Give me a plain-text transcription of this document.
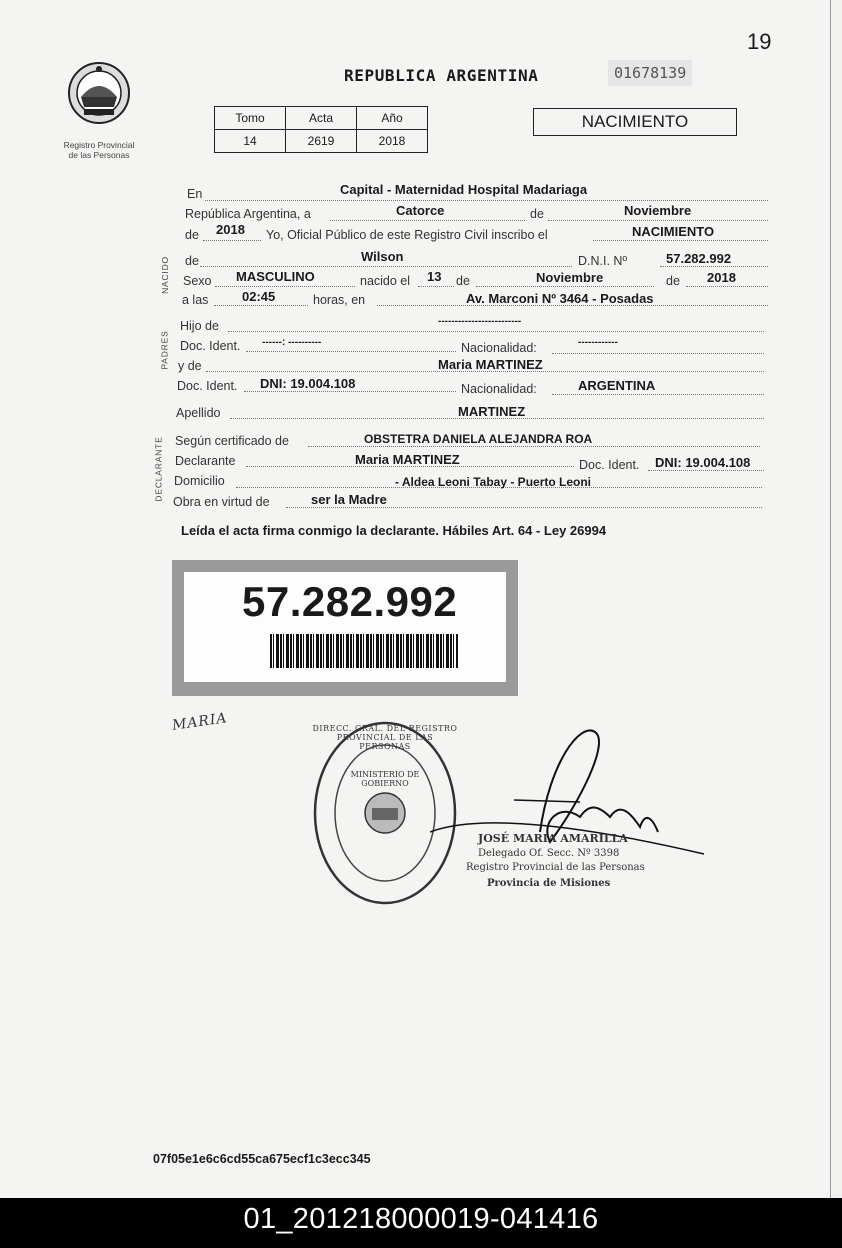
19
Registro Provincial
de las Personas
REPUBLICA ARGENTINA	01678139
Tomo	Acta	Año
14	2619	2018
NACIMIENTO
En	Capital - Maternidad Hospital Madariaga
República Argentina, a	Catorce	de	Noviembre
de 2018 Yo, Oficial Público de este Registro Civil inscribo el	NACIMIENTO
NACIDO de	Wilson	D.N.I. Nº	57.282.992
Sexo MASCULINO	nacido el 13 de	Noviembre	de 2018
a las	02:45	horas, en	Av. Marconi Nº 3464 - Posadas
PADRES
Hijo de	-------------------------
Doc. Ident. ------: ----------	Nacionalidad:	------------
y de	Maria MARTINEZ
Doc. Ident. DNI: 19.004.108	Nacionalidad:	ARGENTINA
Apellido	MARTINEZ
DECLARANTE Según certificado de	OBSTETRA DANIELA ALEJANDRA ROA
Declarante	Maria MARTINEZ	Doc. Ident. DNI: 19.004.108
Domicilio	- Aldea Leoni Tabay - Puerto Leoni
Obra en virtud de	ser la Madre
Leída el acta firma conmigo la declarante. Hábiles Art. 64 - Ley 26994
57.282.992
MARIA	DIRECC. GRAL. DEL REGISTRO PROVINCIAL DE LAS PERSONAS
MINISTERIO DE GOBIERNO
JOSÉ MARIA AMARILLA
Delegado Of. Secc. Nº 3398
Registro Provincial de las Personas
Provincia de Misiones
07f05e1e6c6cd55ca675ecf1c3ecc345
01_20121800001​9-041416
